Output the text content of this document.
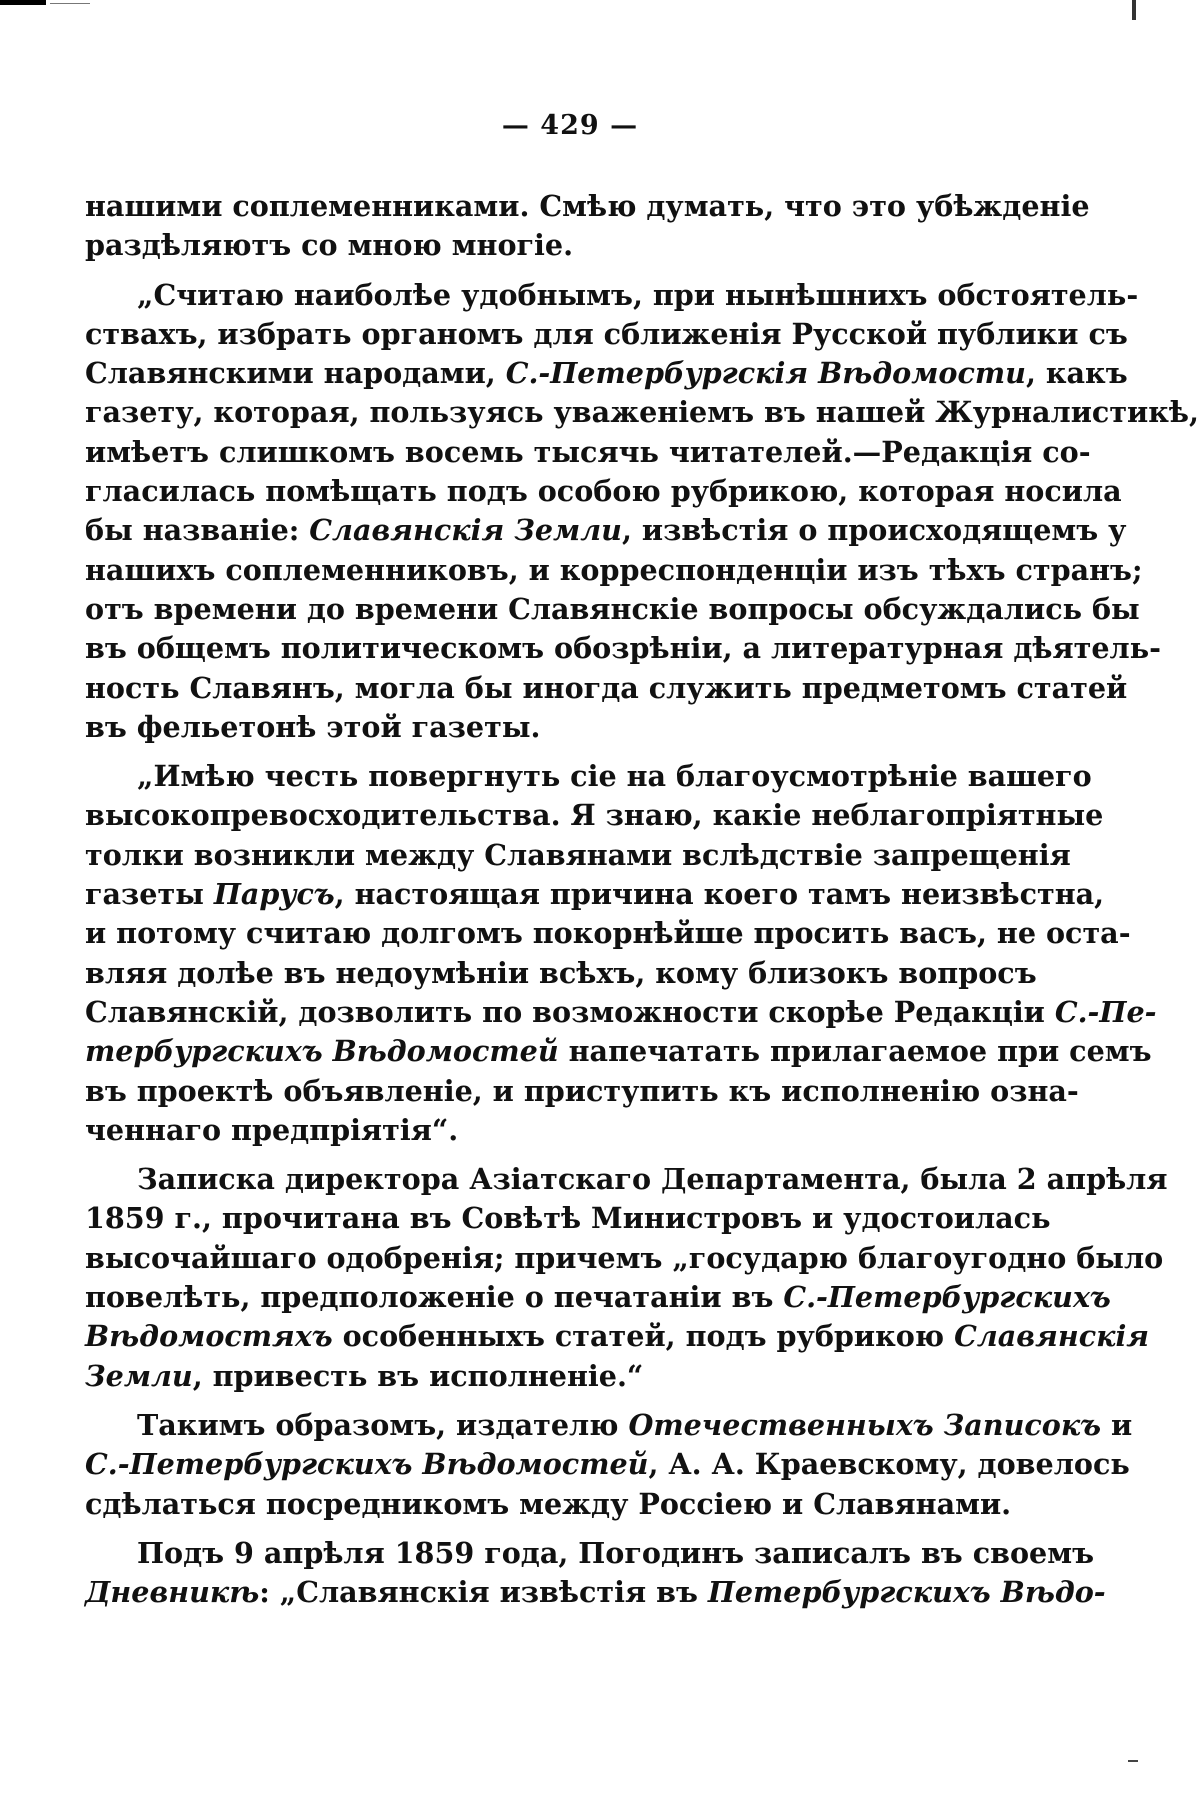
— 429 —
нашими соплеменниками. Смѣю думать, что это убѣжденіе
раздѣляютъ со мною многіе.
„Считаю наиболѣе удобнымъ, при нынѣшнихъ обстоятель-
ствахъ, избрать органомъ для сближенія Русской публики съ
Славянскими народами, С.-Петербургскія Вѣдомости, какъ
газету, которая, пользуясь уваженіемъ въ нашей Журналистикѣ,
имѣетъ слишкомъ восемь тысячь читателей.—Редакція со-
гласилась помѣщать подъ особою рубрикою, которая носила
бы названіе: Славянскія Земли, извѣстія о происходящемъ у
нашихъ соплеменниковъ, и корреспонденціи изъ тѣхъ странъ;
отъ времени до времени Славянскіе вопросы обсуждались бы
въ общемъ политическомъ обозрѣніи, а литературная дѣятель-
ность Славянъ, могла бы иногда служить предметомъ статей
въ фельетонѣ этой газеты.
„Имѣю честь повергнуть сіе на благоусмотрѣніе вашего
высокопревосходительства. Я знаю, какіе неблагопріятные
толки возникли между Славянами вслѣдствіе запрещенія
газеты Парусъ, настоящая причина коего тамъ неизвѣстна,
и потому считаю долгомъ покорнѣйше просить васъ, не оста-
вляя долѣе въ недоумѣніи всѣхъ, кому близокъ вопросъ
Славянскій, дозволить по возможности скорѣе Редакціи С.-Пе-
тербургскихъ Вѣдомостей напечатать прилагаемое при семъ
въ проектѣ объявленіе, и приступить къ исполненію озна-
ченнаго предпріятія“.
Записка директора Азіатскаго Департамента, была 2 апрѣля
1859 г., прочитана въ Совѣтѣ Министровъ и удостоилась
высочайшаго одобренія; причемъ „государю благоугодно было
повелѣть, предположеніе о печатаніи въ С.-Петербургскихъ
Вѣдомостяхъ особенныхъ статей, подъ рубрикою Славянскія
Земли, привесть въ исполненіе.“
Такимъ образомъ, издателю Отечественныхъ Записокъ и
С.-Петербургскихъ Вѣдомостей, А. А. Краевскому, довелось
сдѣлаться посредникомъ между Россіею и Славянами.
Подъ 9 апрѣля 1859 года, Погодинъ записалъ въ своемъ
Дневникѣ: „Славянскія извѣстія въ Петербургскихъ Вѣдо-
